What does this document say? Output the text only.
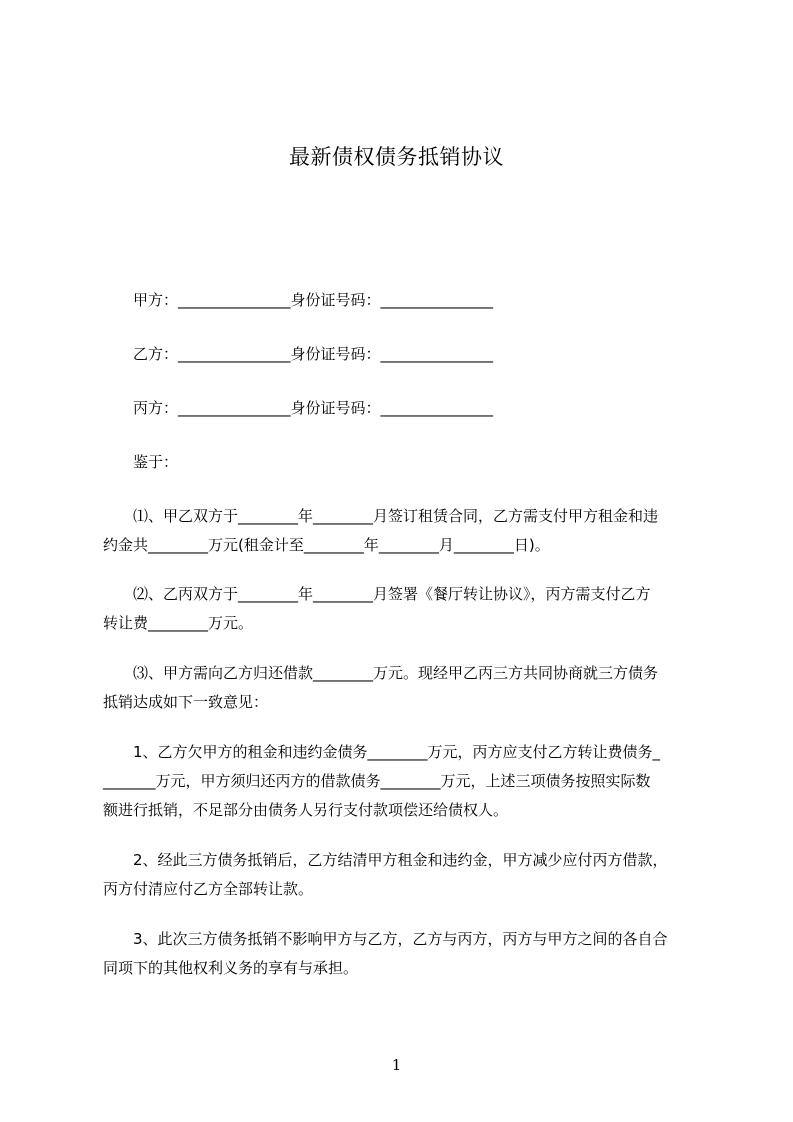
最新债权债务抵销协议
　　甲方：_______________身份证号码：_______________
　　乙方：_______________身份证号码：_______________
　　丙方：_______________身份证号码：_______________
　　鉴于：
　　⑴、甲乙双方于________年________月签订租赁合同，乙方需支付甲方租金和违
约金共________万元(租金计至________年________月________日)。
　　⑵、乙丙双方于________年________月签署《餐厅转让协议》，丙方需支付乙方
转让费________万元。
　　⑶、甲方需向乙方归还借款________万元。现经甲乙丙三方共同协商就三方债务
抵销达成如下一致意见：
　　1、乙方欠甲方的租金和违约金债务________万元，丙方应支付乙方转让费债务_
_______万元，甲方须归还丙方的借款债务________万元，上述三项债务按照实际数
额进行抵销，不足部分由债务人另行支付款项偿还给债权人。
　　2、经此三方债务抵销后，乙方结清甲方租金和违约金，甲方减少应付丙方借款，
丙方付清应付乙方全部转让款。
　　3、此次三方债务抵销不影响甲方与乙方，乙方与丙方，丙方与甲方之间的各自合
同项下的其他权利义务的享有与承担。
1
